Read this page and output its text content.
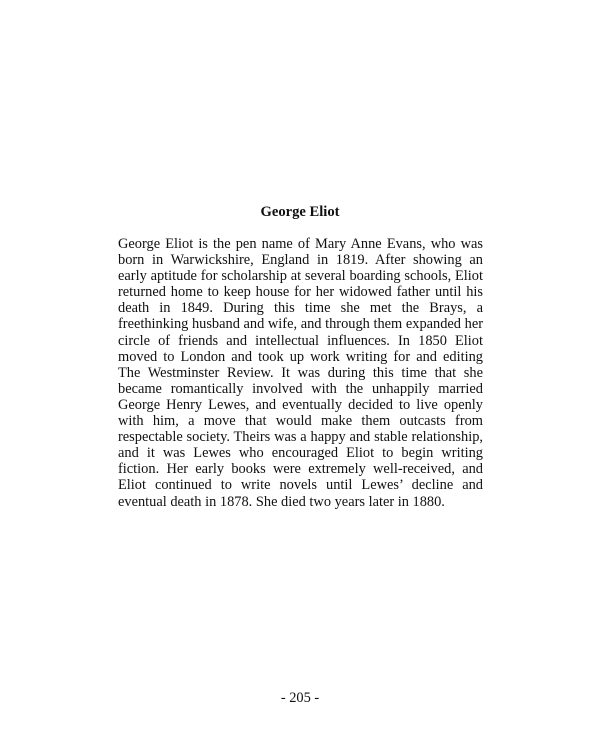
George Eliot

George Eliot is the pen name of Mary Anne Evans, who was born in Warwickshire, England in 1819. After showing an early aptitude for scholarship at several boarding schools, Eliot returned home to keep house for her widowed father until his death in 1849. During this time she met the Brays, a freethinking husband and wife, and through them expanded her circle of friends and intellectual influences. In 1850 Eliot moved to London and took up work writing for and editing The Westminster Review. It was during this time that she became romantically involved with the unhappily married George Henry Lewes, and eventually decided to live openly with him, a move that would make them outcasts from respectable society. Theirs was a happy and stable relationship, and it was Lewes who encouraged Eliot to begin writing fiction. Her early books were extremely well-received, and Eliot continued to write novels until Lewes’ decline and eventual death in 1878. She died two years later in 1880.

- 205 -
